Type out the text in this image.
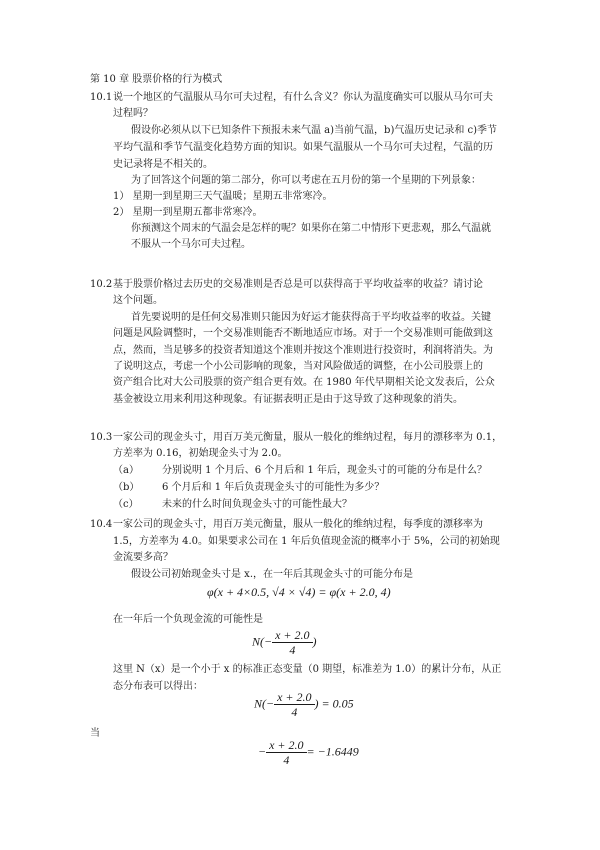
第 10 章 股票价格的行为模式
10.1 说一个地区的气温服从马尔可夫过程，有什么含义？你认为温度确实可以服从马尔可夫
过程吗？
假设你必须从以下已知条件下预报未来气温 a)当前气温，b)气温历史记录和 c)季节
平均气温和季节气温变化趋势方面的知识。如果气温服从一个马尔可夫过程，气温的历
史记录将是不相关的。
为了回答这个问题的第二部分，你可以考虑在五月份的第一个星期的下列景象：
1） 星期一到星期三天气温暖；星期五非常寒冷。
2） 星期一到星期五都非常寒冷。
你预测这个周末的气温会是怎样的呢？如果你在第二中情形下更悲观，那么气温就
不服从一个马尔可夫过程。
10.2 基于股票价格过去历史的交易准则是否总是可以获得高于平均收益率的收益？请讨论
这个问题。
首先要说明的是任何交易准则只能因为好运才能获得高于平均收益率的收益。关键
问题是风险调整时，一个交易准则能否不断地适应市场。对于一个交易准则可能做到这
点，然而，当足够多的投资者知道这个准则并按这个准则进行投资时，利润将消失。为
了说明这点，考虑一个小公司影响的现象，当对风险做适的调整，在小公司股票上的
资产组合比对大公司股票的资产组合更有效。在 1980 年代早期相关论文发表后，公众
基金被设立用来利用这种现象。有证据表明正是由于这导致了这种现象的消失。
10.3 一家公司的现金头寸，用百万美元衡量，服从一般化的维纳过程，每月的漂移率为 0.1，
方差率为 0.16，初始现金头寸为 2.0。
（a） 分别说明 1 个月后、6 个月后和 1 年后，现金头寸的可能的分布是什么？
（b） 6 个月后和 1 年后负责现金头寸的可能性为多少？
（c） 未来的什么时间负现金头寸的可能性最大？
10.4 一家公司的现金头寸，用百万美元衡量，服从一般化的维纳过程，每季度的漂移率为
1.5，方差率为 4.0。如果要求公司在 1 年后负值现金流的概率小于 5%，公司的初始现
金流要多高？
假设公司初始现金头寸是 x.，在一年后其现金头寸的可能分布是
φ(x + 4×0.5, √4 × √4) = φ(x + 2.0, 4)
在一年后一个负现金流的可能性是
$N(- \frac{x + 2.0}{4}$ )
这里 N（x）是一个小于 x 的标准正态变量（0 期望，标准差为 1.0）的累计分布，从正
态分布表可以得出：
$N(- \frac{x + 2.0}{4}$ ) = 0.05
当
− $\frac{x + 2.0}{4} = -1.6449$
